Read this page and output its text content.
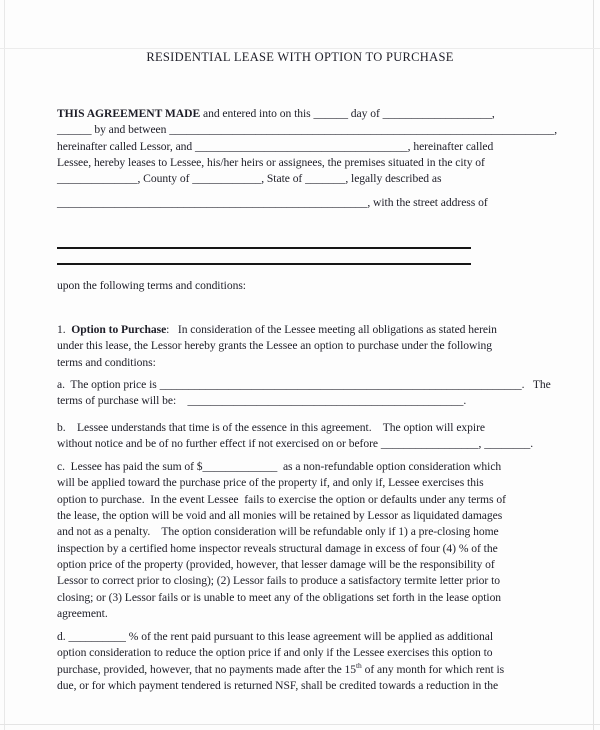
RESIDENTIAL LEASE WITH OPTION TO PURCHASE
THIS AGREEMENT MADE and entered into on this ______ day of ___________________,
______ by and between ___________________________________________________________________,
hereinafter called Lessor, and _____________________________________, hereinafter called
Lessee, hereby leases to Lessee, his/her heirs or assignees, the premises situated in the city of
______________, County of ____________, State of _______, legally described as
______________________________________________________, with the street address of
upon the following terms and conditions:
1.  Option to Purchase:   In consideration of the Lessee meeting all obligations as stated herein
under this lease, the Lessor hereby grants the Lessee an option to purchase under the following
terms and conditions:
a.  The option price is _______________________________________________________________.   The
terms of purchase will be:    ________________________________________________.
b.    Lessee understands that time is of the essence in this agreement.    The option will expire
without notice and be of no further effect if not exercised on or before _________________, ________.
c.  Lessee has paid the sum of $_____________  as a non-refundable option consideration which
will be applied toward the purchase price of the property if, and only if, Lessee exercises this
option to purchase.  In the event Lessee  fails to exercise the option or defaults under any terms of
the lease, the option will be void and all monies will be retained by Lessor as liquidated damages
and not as a penalty.    The option consideration will be refundable only if 1) a pre-closing home
inspection by a certified home inspector reveals structural damage in excess of four (4) % of the
option price of the property (provided, however, that lesser damage will be the responsibility of
Lessor to correct prior to closing); (2) Lessor fails to produce a satisfactory termite letter prior to
closing; or (3) Lessor fails or is unable to meet any of the obligations set forth in the lease option
agreement.
d. __________ % of the rent paid pursuant to this lease agreement will be applied as additional
option consideration to reduce the option price if and only if the Lessee exercises this option to
purchase, provided, however, that no payments made after the 15th of any month for which rent is
due, or for which payment tendered is returned NSF, shall be credited towards a reduction in the
